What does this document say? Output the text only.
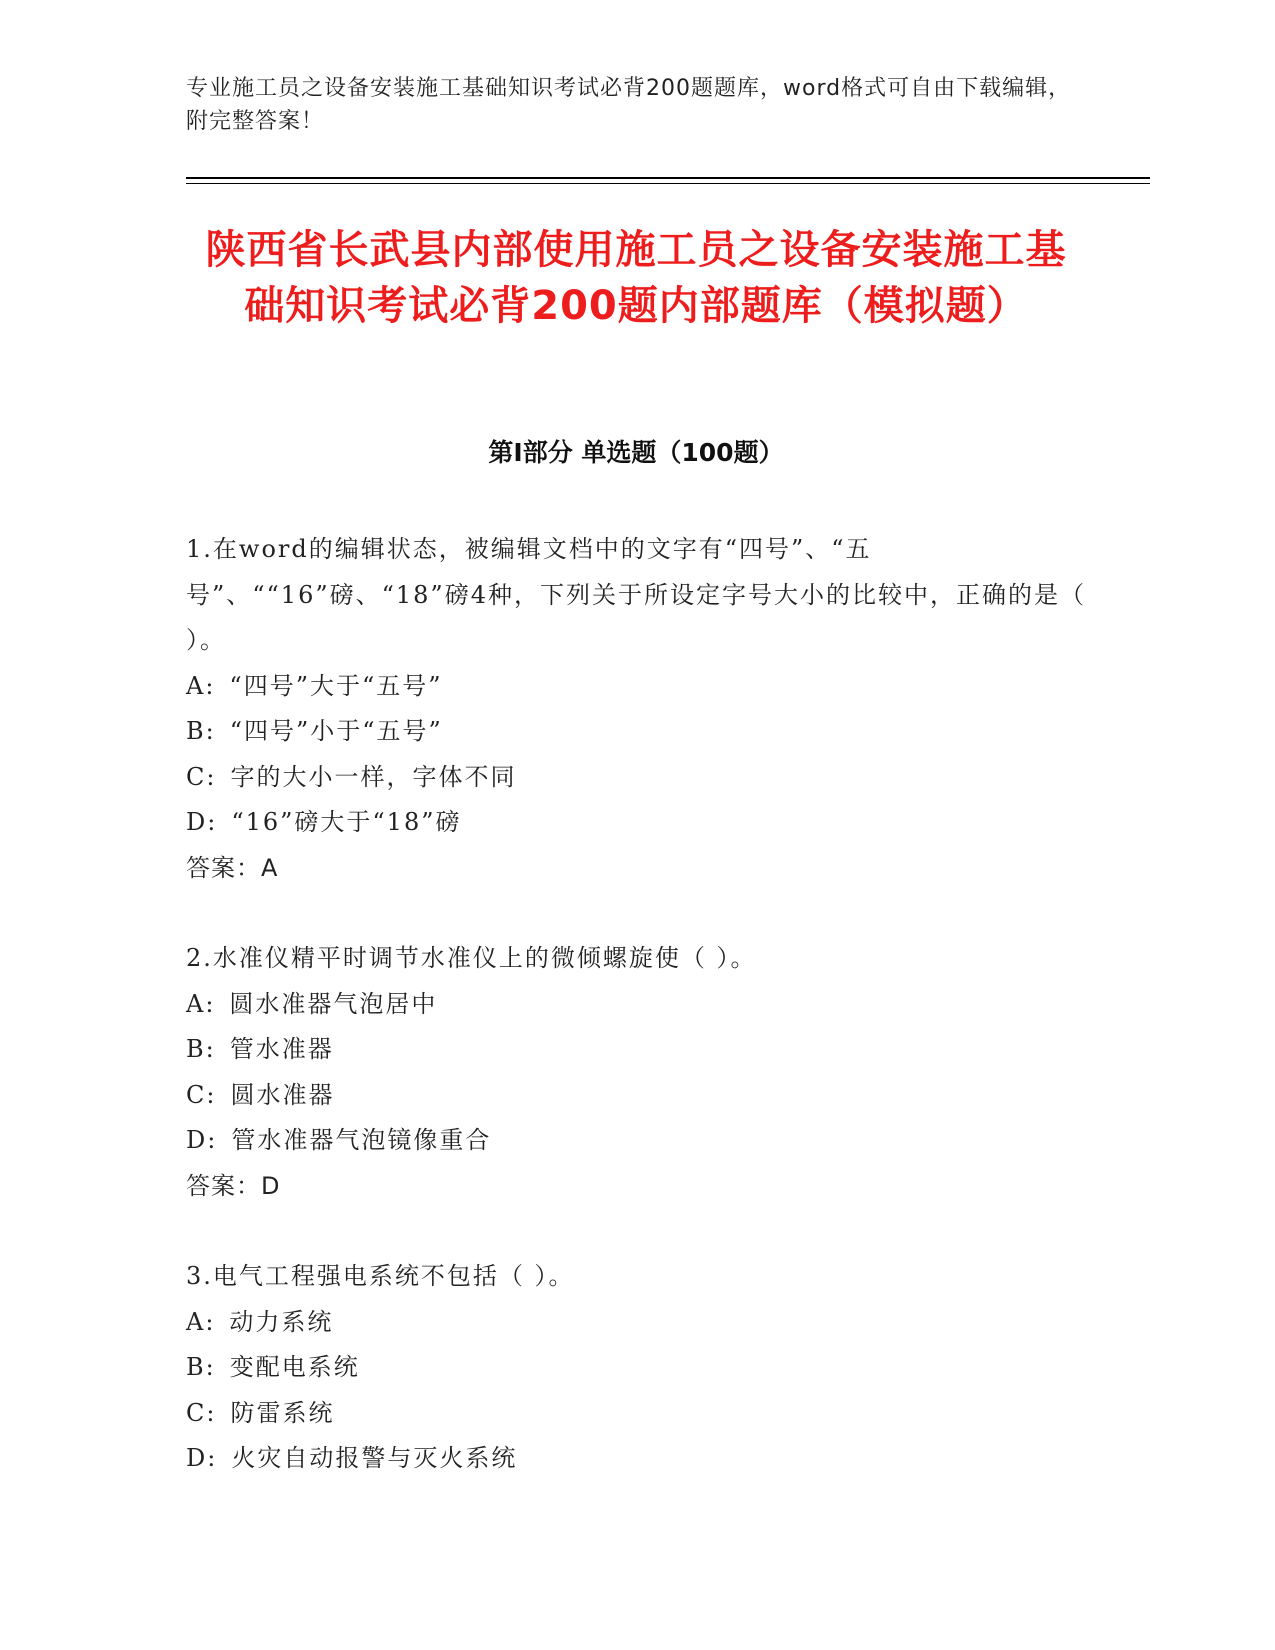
专业施工员之设备安装施工基础知识考试必背200题题库，word格式可自由下载编辑，附完整答案！
陕西省长武县内部使用施工员之设备安装施工基础知识考试必背200题内部题库（模拟题）
第Ⅰ部分 单选题（100题）
1.在word的编辑状态，被编辑文档中的文字有“四号”、“五号”、““16”磅、“18”磅4种，下列关于所设定字号大小的比较中，正确的是（ ）。
A: “四号”大于“五号”
B: “四号”小于“五号”
C: 字的大小一样，字体不同
D: “16”磅大于“18”磅
答案：A
2.水准仪精平时调节水准仪上的微倾螺旋使（ ）。
A: 圆水准器气泡居中
B: 管水准器
C: 圆水准器
D: 管水准器气泡镜像重合
答案：D
3.电气工程强电系统不包括（ ）。
A: 动力系统
B: 变配电系统
C: 防雷系统
D: 火灾自动报警与灭火系统
